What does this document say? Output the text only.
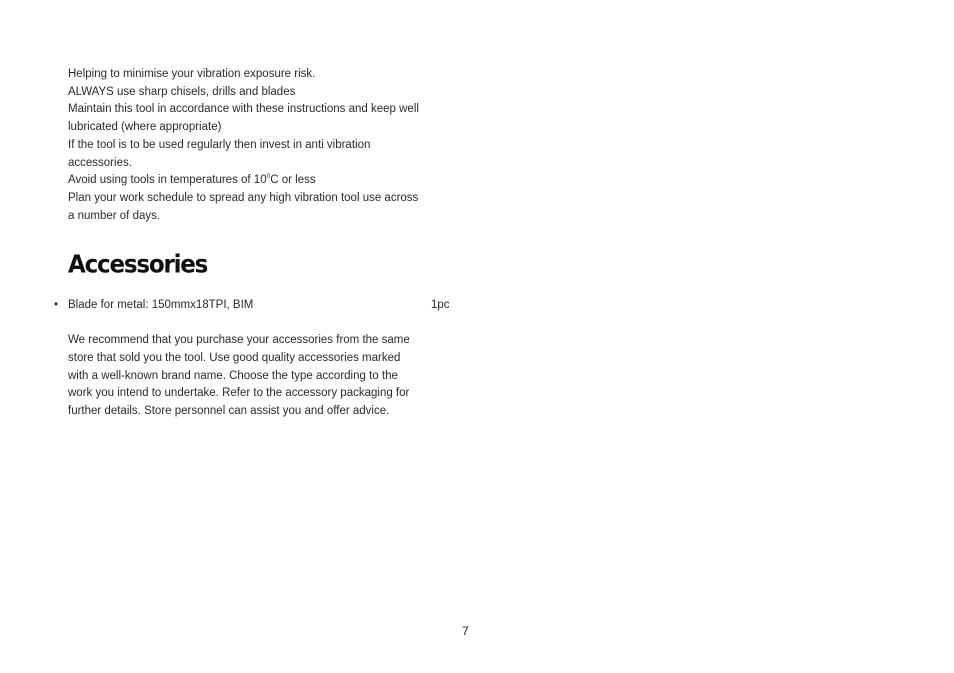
Helping to minimise your vibration exposure risk.
ALWAYS use sharp chisels, drills and blades
Maintain this tool in accordance with these instructions and keep well
lubricated (where appropriate)
If the tool is to be used regularly then invest in anti vibration
accessories.
Avoid using tools in temperatures of $10^0C$ or less
Plan your work schedule to spread any high vibration tool use across
a number of days.
Accessories
• Blade for metal: 150mmx18TPI, BIM	1pc
We recommend that you purchase your accessories from the same
store that sold you the tool. Use good quality accessories marked
with a well-known brand name. Choose the type according to the
work you intend to undertake. Refer to the accessory packaging for
further details. Store personnel can assist you and offer advice.
7
